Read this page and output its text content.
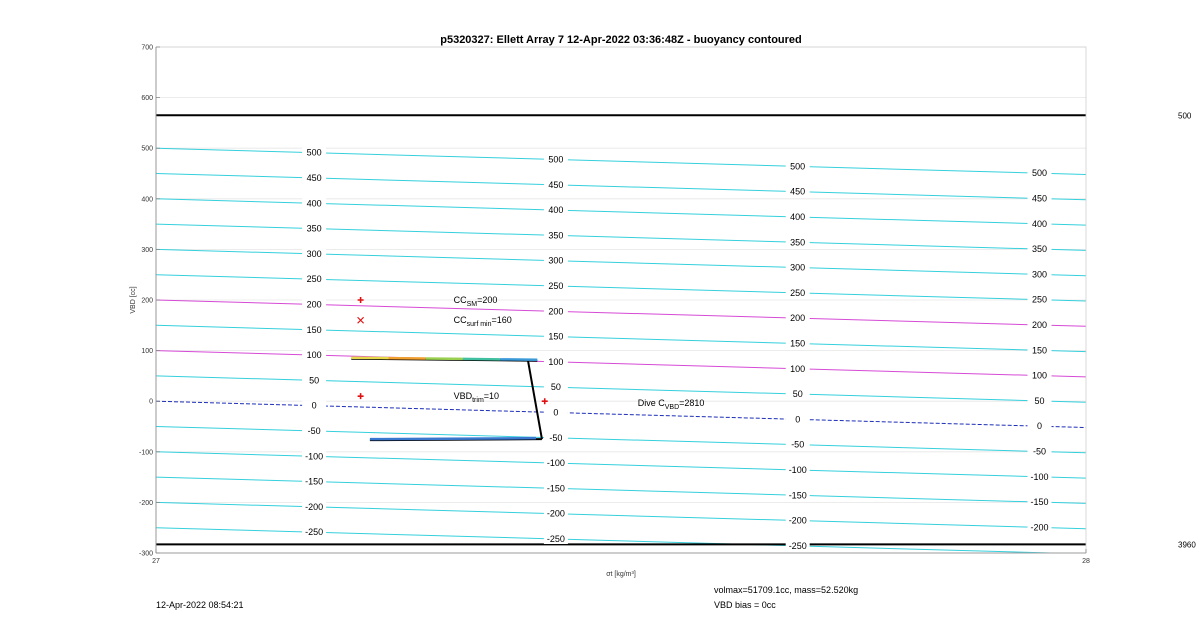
p5320327: Ellett Array 7 12-Apr-2022 03:36:48Z - buoyancy contoured
500
3960
700
600
500
400
300
200
100
0
-100
-200
-300
27	28
VBD [cc]
σt [kg/m³]
-250
-250
-250
-200
-200
-200
-200
-150
-150
-150
-150
-100
-100
-100
-100
-50
-50
-50
-50
0
0
0
0
50
50
50
50
100
100
100
100
150
150
150
150
200
200
200
200
250
250
250
250
300
300
300
300
350
350
350
350
400
400
400
400
450
450
450
450
500
500
500
500
$CC_{SM}=200$
$CC_{surf min}=160$
$VBD_{trim}=10$
Dive $C_{VBD}=2810$
12-Apr-2022 08:54:21
volmax=51709.1cc, mass=52.520kg
VBD bias = 0cc
